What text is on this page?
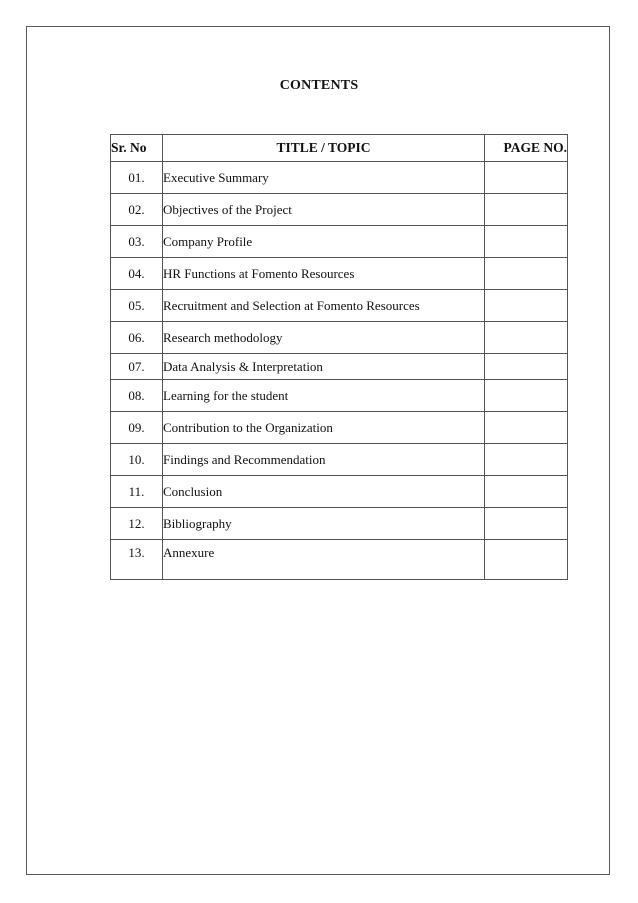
CONTENTS
Sr. No	TITLE / TOPIC	PAGE NO.
01.	Executive Summary	
02.	Objectives of the Project	
03.	Company Profile	
04.	HR Functions at Fomento Resources	
05.	Recruitment and Selection at Fomento Resources	
06.	Research methodology	
07.	Data Analysis & Interpretation	
08.	Learning for the student	
09.	Contribution to the Organization	
10.	Findings and Recommendation	
11.	Conclusion	
12.	Bibliography	
13.	Annexure	
